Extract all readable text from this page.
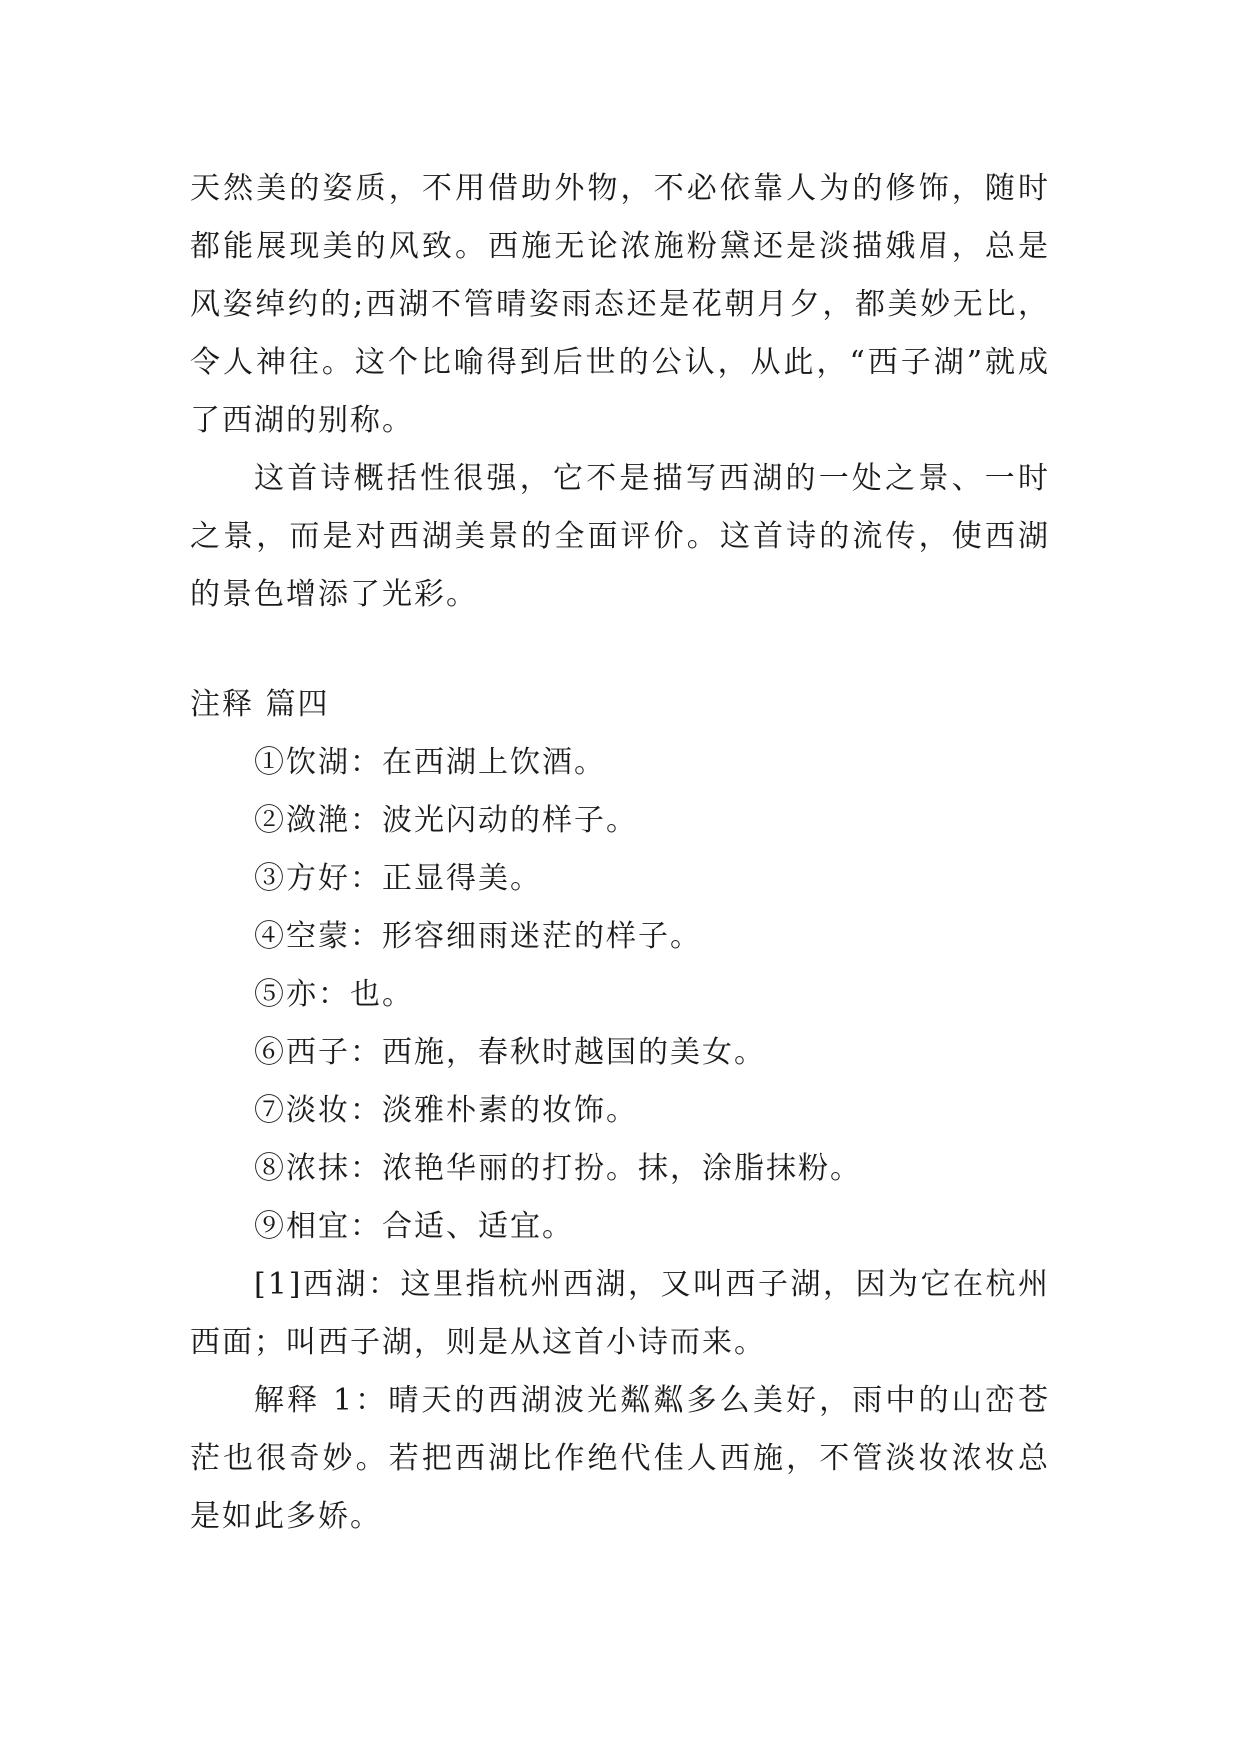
天然美的姿质，不用借助外物，不必依靠人为的修饰，随时都能展现美的风致。西施无论浓施粉黛还是淡描娥眉，总是风姿绰约的;西湖不管晴姿雨态还是花朝月夕，都美妙无比，令人神往。这个比喻得到后世的公认，从此，“西子湖”就成了西湖的别称。

这首诗概括性很强，它不是描写西湖的一处之景、一时之景，而是对西湖美景的全面评价。这首诗的流传，使西湖的景色增添了光彩。

注释 篇四

①饮湖：在西湖上饮酒。

②潋滟：波光闪动的样子。

③方好：正显得美。

④空蒙：形容细雨迷茫的样子。

⑤亦：也。

⑥西子：西施，春秋时越国的美女。

⑦淡妆：淡雅朴素的妆饰。

⑧浓抹：浓艳华丽的打扮。抹，涂脂抹粉。

⑨相宜：合适、适宜。

[1]西湖：这里指杭州西湖，又叫西子湖，因为它在杭州西面；叫西子湖，则是从这首小诗而来。

解释 1：晴天的西湖波光粼粼多么美好，雨中的山峦苍茫也很奇妙。若把西湖比作绝代佳人西施，不管淡妆浓妆总是如此多娇。
